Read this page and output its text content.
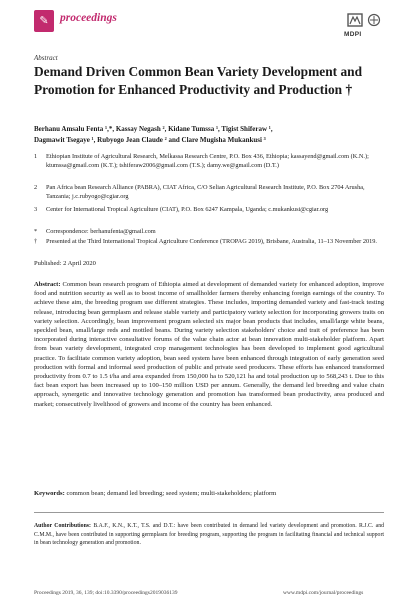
✎ proceedings
MDPI
Abstract
Demand Driven Common Bean Variety Development and Promotion for Enhanced Productivity and Production †
Berhanu Amsalu Fenta ¹,*, Kassay Negash ², Kidane Tumssa ¹, Tigist Shiferaw ¹,
Dagmawit Tsegaye ¹, Rubyogo Jean Claude ² and Clare Mugisha Mukankusi ³
1 Ethiopian Institute of Agricultural Research, Melkassa Research Centre, P.O. Box 436, Ethiopia; kassayend@gmail.com (K.N.); ktumssa@gmail.com (K.T.); tshiferaw2006@gmail.com (T.S.); damy.we@gmail.com (D.T.)
2 Pan Africa bean Research Alliance (PABRA), CIAT Africa, C/O Selian Agricultural Research Institute, P.O. Box 2704 Arusha, Tanzania; j.c.rubyogo@cgiar.org
3 Center for International Tropical Agriculture (CIAT), P.O. Box 6247 Kampala, Uganda; c.mukankusi@cgiar.org
* Correspondence: berhanufenta@gmail.com
† Presented at the Third International Tropical Agriculture Conference (TROPAG 2019), Brisbane, Australia, 11–13 November 2019.
Published: 2 April 2020
Abstract: Common bean research program of Ethiopia aimed at development of demanded variety for enhanced adoption, improve food and nutrition security as well as to boost income of smallholder farmers thereby enhancing foreign earnings of the country. To achieve these aim, the breeding program use different strategies. These includes, importing demanded variety and fast-track testing release, introducing bean germplasm and release stable variety and participatory variety selection for incorporating growers traits on variety selection. Accordingly, bean improvement program selected six major bean products that includes, small/large white beans, speckled bean, small/large reds and mottled beans. During variety selection stakeholders' choice and trait of preference has been incorporated during interactive consultative forums of the value chain actor at bean innovation multi-stakeholder platform. Apart from bean variety development, integrated crop management technologies has been developed to implement good agricultural practice. To facilitate common variety adoption, bean seed system have been enhanced through integration of early generation seed production with formal and informal seed production of public and private seed producers. These efforts has enhanced transformed productivity from 0.7 to 1.5 t/ha and area expanded from 150,000 ha to 520,121 ha and total production up to 568,243 t. Due to this fact bean export has been increased up to 100–150 million USD per annum. Generally, the demand led breeding and value chain approach, synergetic and innovative technology generation and promotion has transformed bean productivity, area produced and market; consecutively livelihood of growers and income of the country has been enhanced.
Keywords: common bean; demand led breeding; seed system; multi-stakeholders; platform
Author Contributions: B.A.F., K.N., K.T., T.S. and D.T.: have been contributed in demand led variety development and promotion. R.J.C. and C.M.M., have been contributed in supporting germplasm for breeding program, supporting the program in facilitating financial and technical support in bean technology generation and promotion.
Proceedings 2019, 36, 139; doi:10.3390/proceedings2019036139	www.mdpi.com/journal/proceedings
